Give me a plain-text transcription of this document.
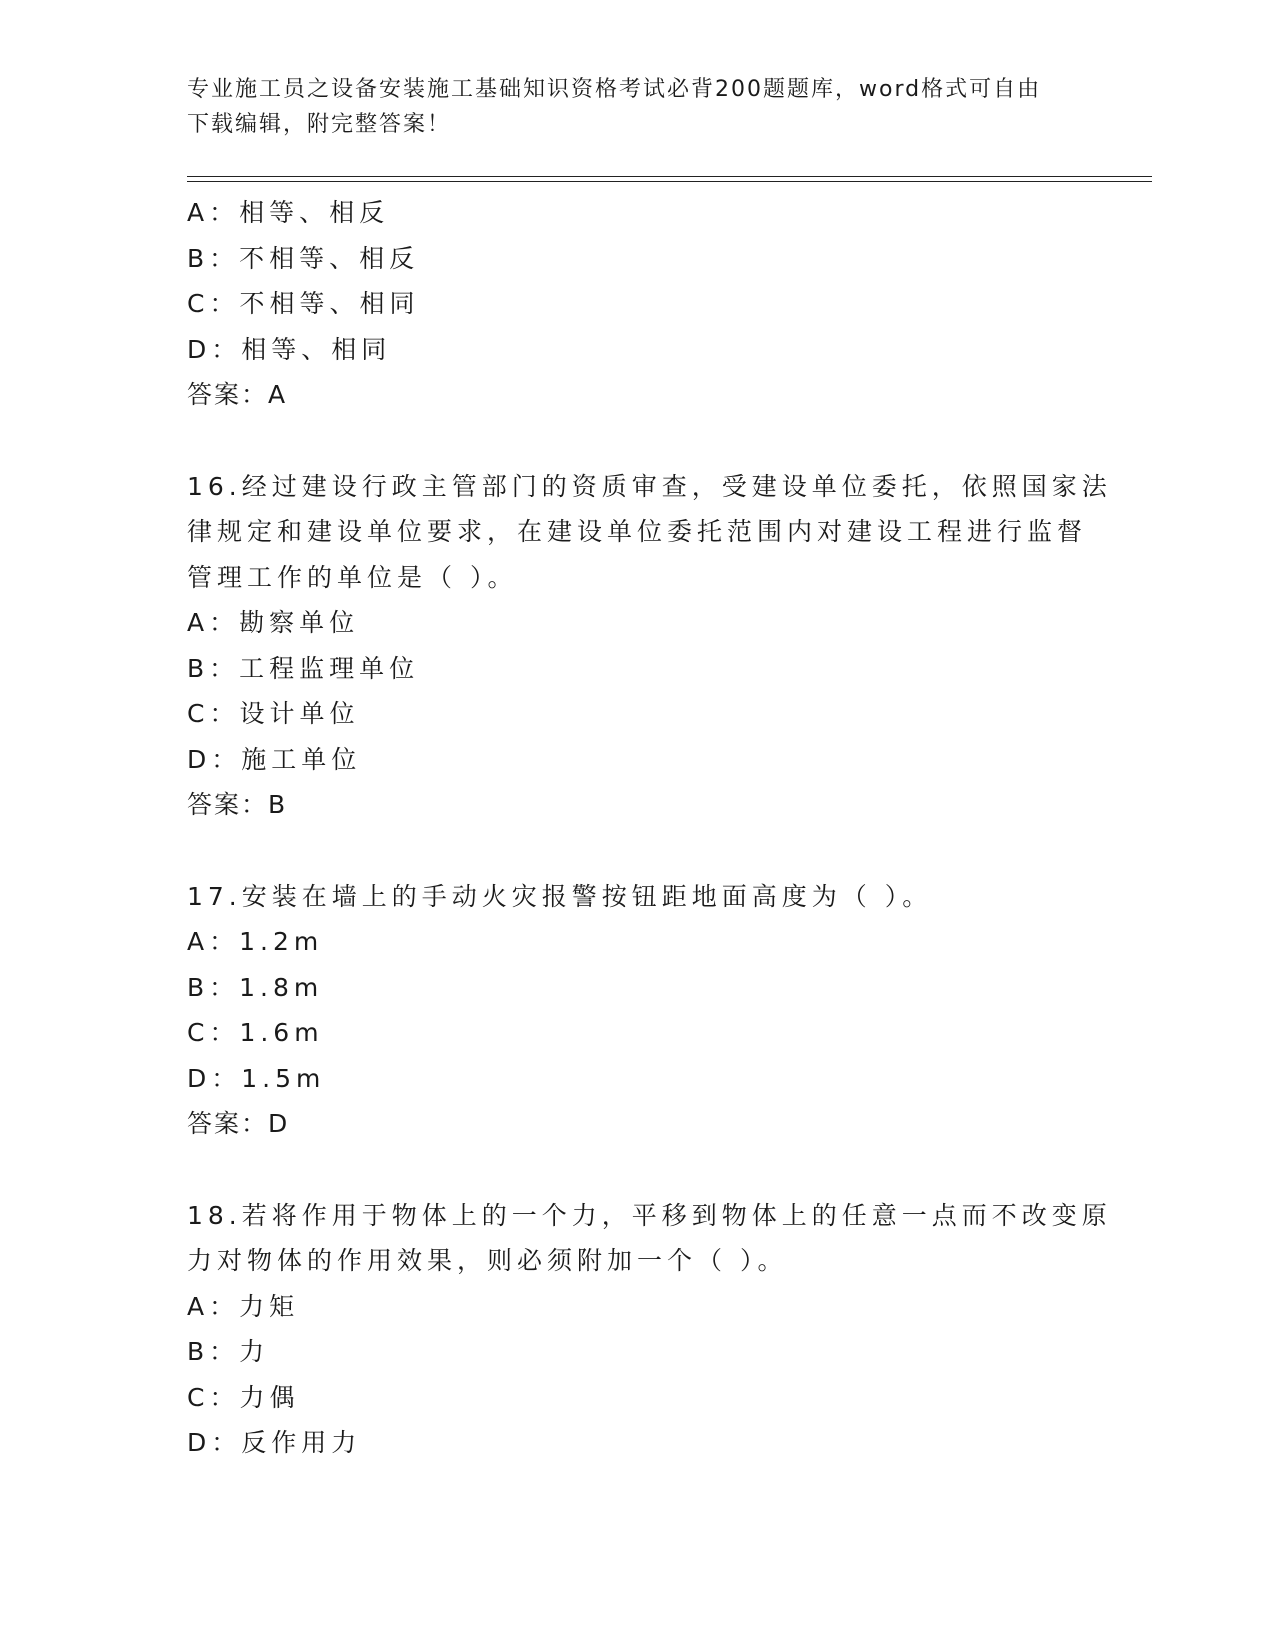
专业施工员之设备安装施工基础知识资格考试必背200题题库，word格式可自由
下载编辑，附完整答案！
A：相等、相反
B：不相等、相反
C：不相等、相同
D：相等、相同
答案：A
16.经过建设行政主管部门的资质审查，受建设单位委托，依照国家法
律规定和建设单位要求，在建设单位委托范围内对建设工程进行监督
管理工作的单位是（ ）。
A：勘察单位
B：工程监理单位
C：设计单位
D：施工单位
答案：B
17.安装在墙上的手动火灾报警按钮距地面高度为（ ）。
A：1.2m
B：1.8m
C：1.6m
D：1.5m
答案：D
18.若将作用于物体上的一个力，平移到物体上的任意一点而不改变原
力对物体的作用效果，则必须附加一个（ ）。
A：力矩
B：力
C：力偶
D：反作用力
